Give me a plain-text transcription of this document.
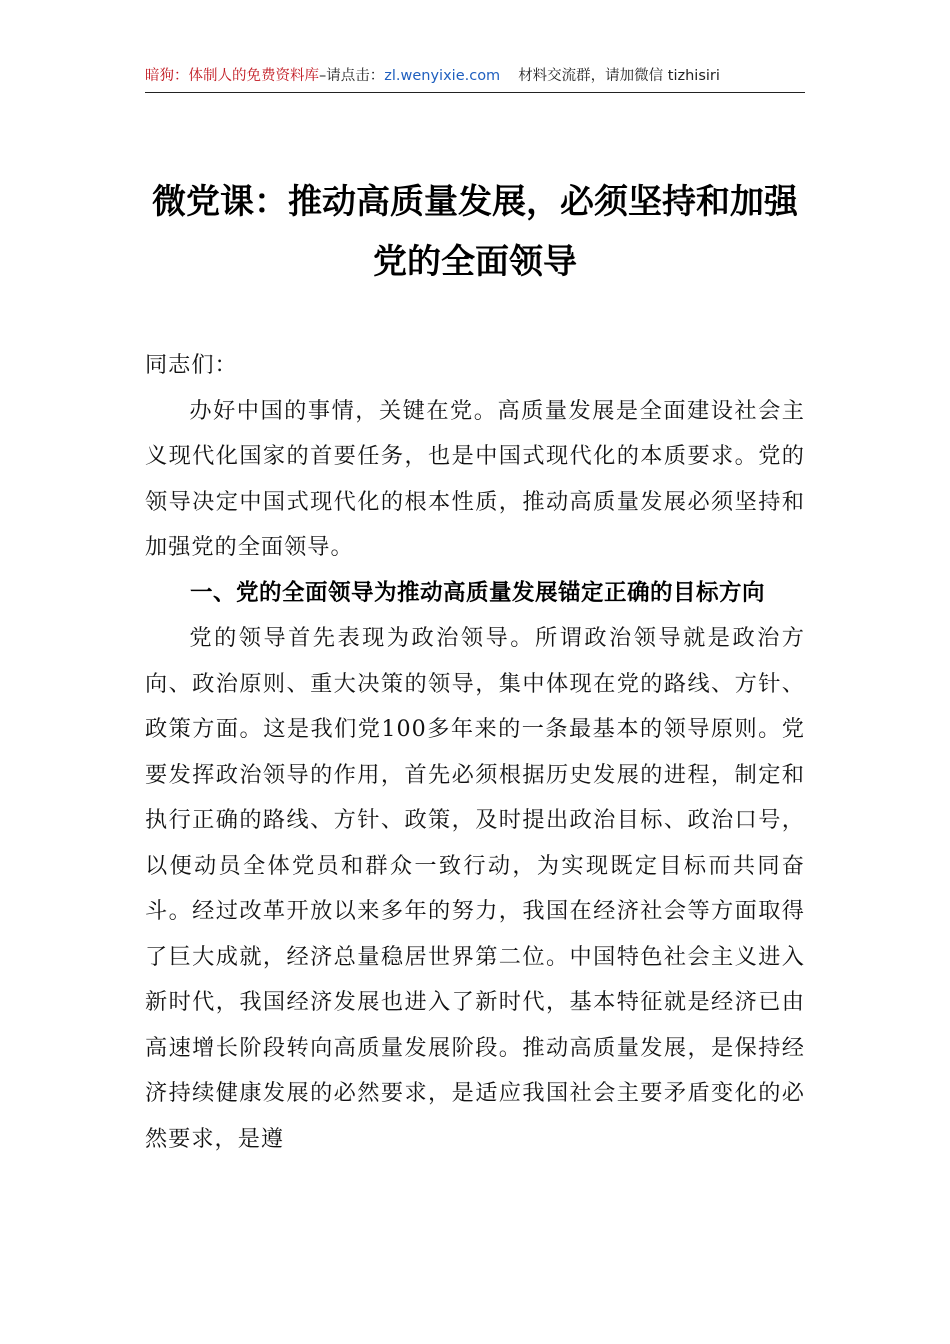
暗狗：体制人的免费资料库–请点击：zl.wenyixie.com 材料交流群，请加微信 tizhisiri
微党课：推动高质量发展，必须坚持和加强党的全面领导

同志们：

办好中国的事情，关键在党。高质量发展是全面建设社会主义现代化国家的首要任务，也是中国式现代化的本质要求。党的领导决定中国式现代化的根本性质，推动高质量发展必须坚持和加强党的全面领导。

一、党的全面领导为推动高质量发展锚定正确的目标方向

党的领导首先表现为政治领导。所谓政治领导就是政治方向、政治原则、重大决策的领导，集中体现在党的路线、方针、政策方面。这是我们党100多年来的一条最基本的领导原则。党要发挥政治领导的作用，首先必须根据历史发展的进程，制定和执行正确的路线、方针、政策，及时提出政治目标、政治口号，以便动员全体党员和群众一致行动，为实现既定目标而共同奋斗。经过改革开放以来多年的努力，我国在经济社会等方面取得了巨大成就，经济总量稳居世界第二位。中国特色社会主义进入新时代，我国经济发展也进入了新时代，基本特征就是经济已由高速增长阶段转向高质量发展阶段。推动高质量发展，是保持经济持续健康发展的必然要求，是适应我国社会主要矛盾变化的必然要求，是遵
